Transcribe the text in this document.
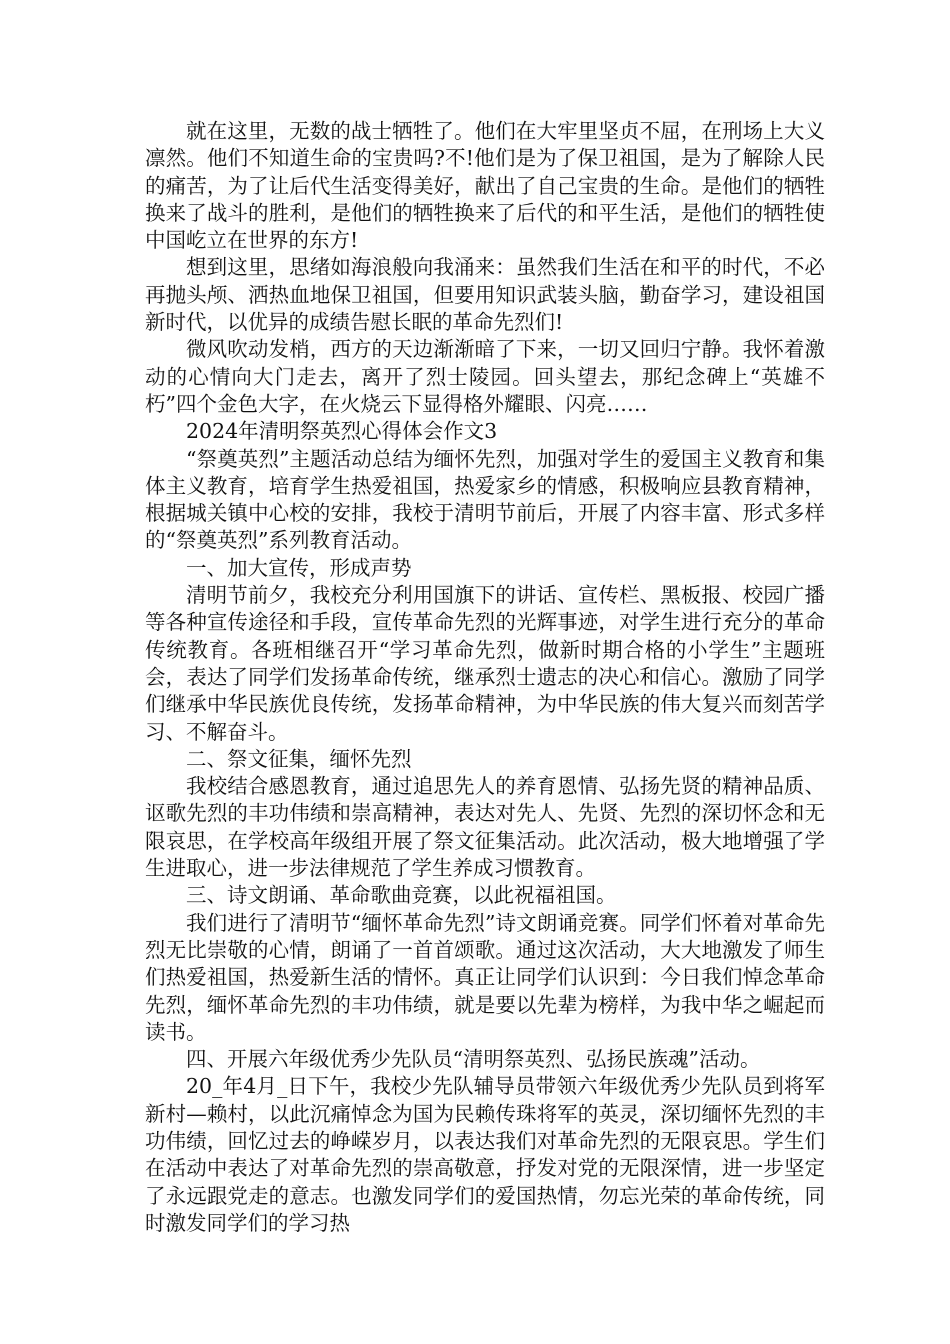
就在这里，无数的战士牺牲了。他们在大牢里坚贞不屈，在刑场上大义凛然。他们不知道生命的宝贵吗?不!他们是为了保卫祖国，是为了解除人民的痛苦，为了让后代生活变得美好，献出了自己宝贵的生命。是他们的牺牲换来了战斗的胜利，是他们的牺牲换来了后代的和平生活，是他们的牺牲使中国屹立在世界的东方!

想到这里，思绪如海浪般向我涌来：虽然我们生活在和平的时代，不必再抛头颅、洒热血地保卫祖国，但要用知识武装头脑，勤奋学习，建设祖国新时代，以优异的成绩告慰长眠的革命先烈们!

微风吹动发梢，西方的天边渐渐暗了下来，一切又回归宁静。我怀着激动的心情向大门走去，离开了烈士陵园。回头望去，那纪念碑上“英雄不朽”四个金色大字，在火烧云下显得格外耀眼、闪亮……

2024年清明祭英烈心得体会作文3

“祭奠英烈”主题活动总结为缅怀先烈，加强对学生的爱国主义教育和集体主义教育，培育学生热爱祖国，热爱家乡的情感，积极响应县教育精神，根据城关镇中心校的安排，我校于清明节前后，开展了内容丰富、形式多样的“祭奠英烈”系列教育活动。

一、加大宣传，形成声势

清明节前夕，我校充分利用国旗下的讲话、宣传栏、黑板报、校园广播等各种宣传途径和手段，宣传革命先烈的光辉事迹，对学生进行充分的革命传统教育。各班相继召开“学习革命先烈，做新时期合格的小学生”主题班会，表达了同学们发扬革命传统，继承烈士遗志的决心和信心。激励了同学们继承中华民族优良传统，发扬革命精神，为中华民族的伟大复兴而刻苦学习、不解奋斗。

二、祭文征集，缅怀先烈

我校结合感恩教育，通过追思先人的养育恩情、弘扬先贤的精神品质、讴歌先烈的丰功伟绩和崇高精神，表达对先人、先贤、先烈的深切怀念和无限哀思，在学校高年级组开展了祭文征集活动。此次活动，极大地增强了学生进取心，进一步法律规范了学生养成习惯教育。

三、诗文朗诵、革命歌曲竞赛，以此祝福祖国。

我们进行了清明节“缅怀革命先烈”诗文朗诵竞赛。同学们怀着对革命先烈无比崇敬的心情，朗诵了一首首颂歌。通过这次活动，大大地激发了师生们热爱祖国，热爱新生活的情怀。真正让同学们认识到：今日我们悼念革命先烈，缅怀革命先烈的丰功伟绩，就是要以先辈为榜样，为我中华之崛起而读书。

四、开展六年级优秀少先队员“清明祭英烈、弘扬民族魂”活动。

20_年4月_日下午，我校少先队辅导员带领六年级优秀少先队员到将军新村—赖村，以此沉痛悼念为国为民赖传珠将军的英灵，深切缅怀先烈的丰功伟绩，回忆过去的峥嵘岁月，以表达我们对革命先烈的无限哀思。学生们在活动中表达了对革命先烈的崇高敬意，抒发对党的无限深情，进一步坚定了永远跟党走的意志。也激发同学们的爱国热情，勿忘光荣的革命传统，同时激发同学们的学习热
